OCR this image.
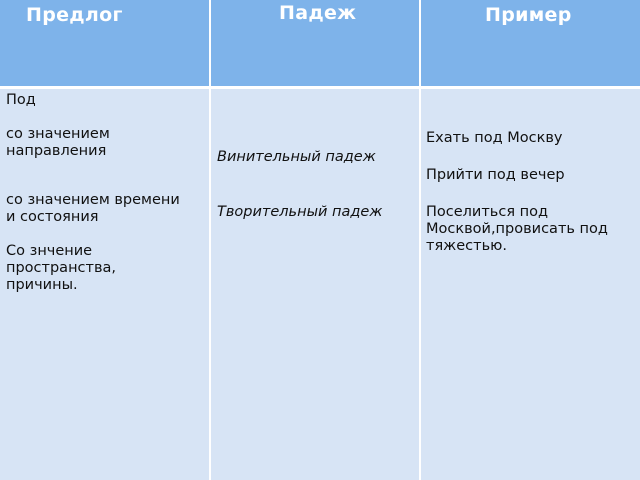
Предлог	Падеж	Пример
Под
со значением
направления
со значением времени
и состояния
Со знчение
пространства,
причины.
Винительный падеж
Творительный падеж
Ехать под Москву
Прийти под вечер
Поселиться под
Москвой,провисать под
тяжестью.
